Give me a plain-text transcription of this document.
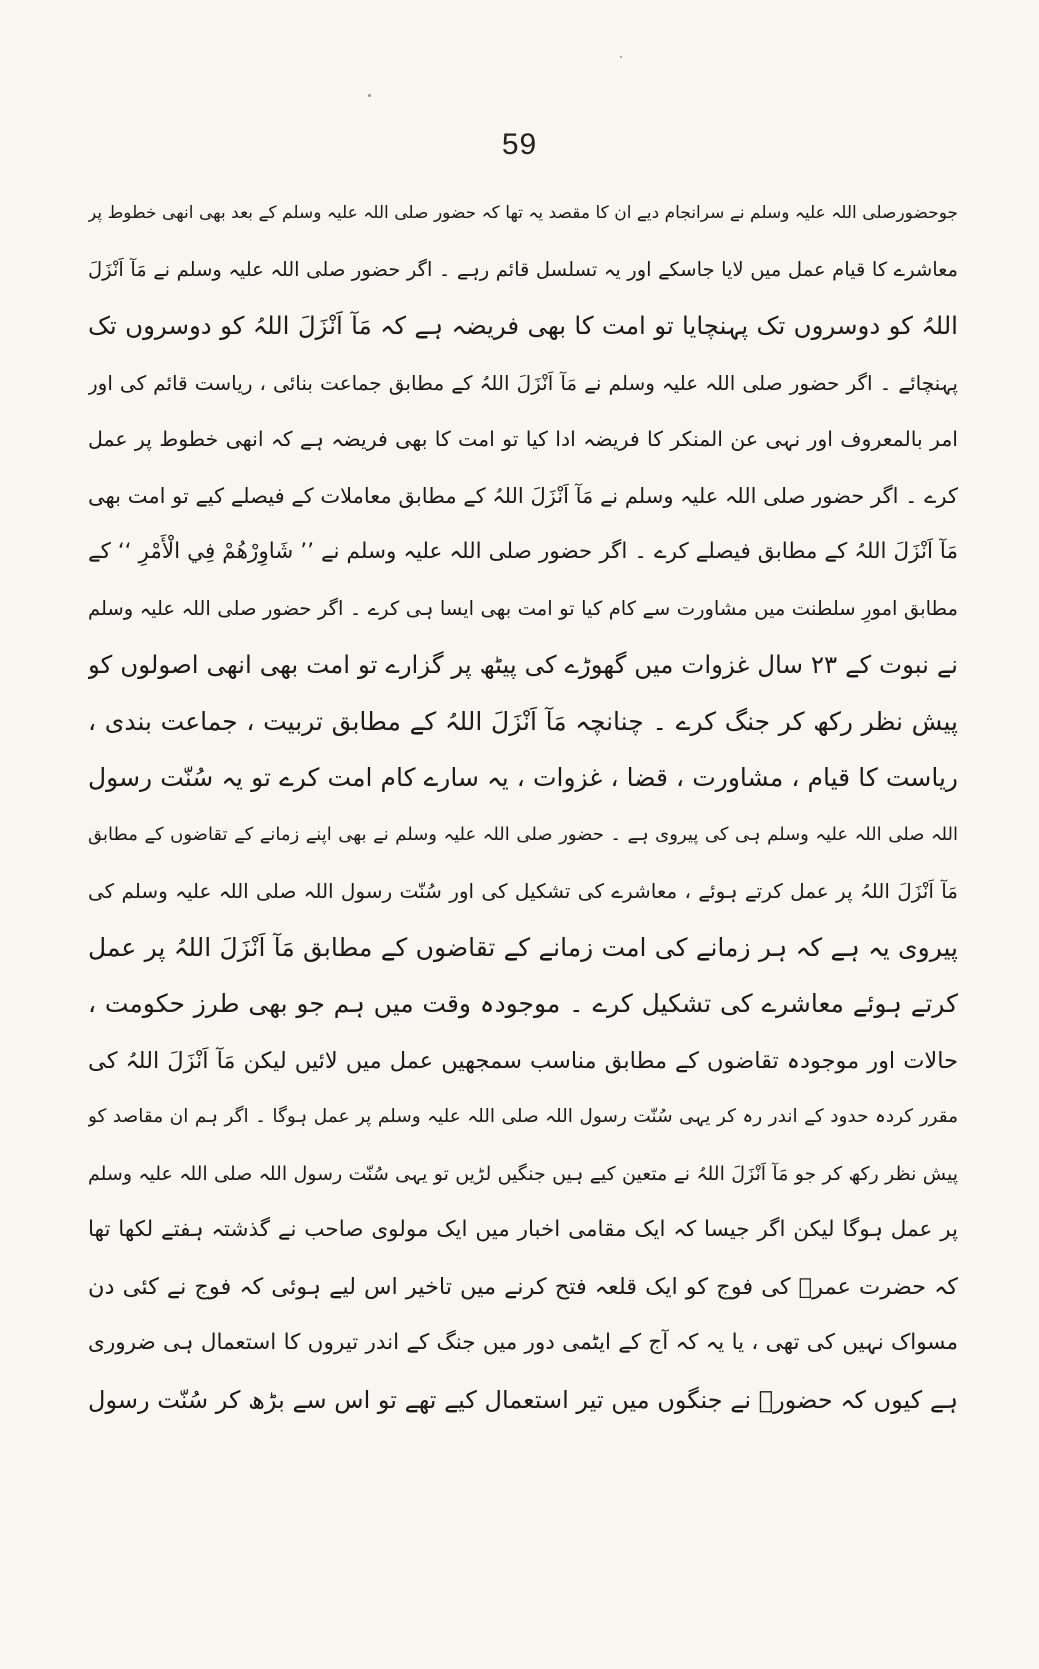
59
جوحضورصلی اللہ علیہ وسلم نے سرانجام دیے ان کا مقصد یہ تھا کہ حضور صلی اللہ علیہ وسلم کے بعد بھی انھی خطوط پر
معاشرے کا قیام عمل میں لایا جاسکے اور یہ تسلسل قائم رہے ۔ اگر حضور صلی اللہ علیہ وسلم نے مَآ اَنْزَلَ
اللہُ کو دوسروں تک پہنچایا تو امت کا بھی فریضہ ہے کہ مَآ اَنْزَلَ اللہُ کو دوسروں تک
پہنچائے ۔ اگر حضور صلی اللہ علیہ وسلم نے مَآ اَنْزَلَ اللہُ کے مطابق جماعت بنائی ، ریاست قائم کی اور
امر بالمعروف اور نہی عن المنکر کا فریضہ ادا کیا تو امت کا بھی فریضہ ہے کہ انھی خطوط پر عمل
کرے ۔ اگر حضور صلی اللہ علیہ وسلم نے مَآ اَنْزَلَ اللہُ کے مطابق معاملات کے فیصلے کیے تو امت بھی
مَآ اَنْزَلَ اللہُ کے مطابق فیصلے کرے ۔ اگر حضور صلی اللہ علیہ وسلم نے ’’ شَاوِرْهُمْ فِي الْأَمْرِ ‘‘ کے
مطابق امورِ سلطنت میں مشاورت سے کام کیا تو امت بھی ایسا ہی کرے ۔ اگر حضور صلی اللہ علیہ وسلم
نے نبوت کے ۲۳ سال غزوات میں گھوڑے کی پیٹھ پر گزارے تو امت بھی انھی اصولوں کو
پیش نظر رکھ کر جنگ کرے ۔ چنانچہ مَآ اَنْزَلَ اللہُ کے مطابق تربیت ، جماعت بندی ،
ریاست کا قیام ، مشاورت ، قضا ، غزوات ، یہ سارے کام امت کرے تو یہ سُنّت رسول
اللہ صلی اللہ علیہ وسلم ہی کی پیروی ہے ۔ حضور صلی اللہ علیہ وسلم نے بھی اپنے زمانے کے تقاضوں کے مطابق
مَآ اَنْزَلَ اللہُ پر عمل کرتے ہوئے ، معاشرے کی تشکیل کی اور سُنّت رسول اللہ صلی اللہ علیہ وسلم کی
پیروی یہ ہے کہ ہر زمانے کی امت زمانے کے تقاضوں کے مطابق مَآ اَنْزَلَ اللہُ پر عمل
کرتے ہوئے معاشرے کی تشکیل کرے ۔ موجودہ وقت میں ہم جو بھی طرز حکومت ،
حالات اور موجودہ تقاضوں کے مطابق مناسب سمجھیں عمل میں لائیں لیکن مَآ اَنْزَلَ اللہُ کی
مقرر کردہ حدود کے اندر رہ کر یہی سُنّت رسول اللہ صلی اللہ علیہ وسلم پر عمل ہوگا ۔ اگر ہم ان مقاصد کو
پیش نظر رکھ کر جو مَآ اَنْزَلَ اللہُ نے متعین کیے ہیں جنگیں لڑیں تو یہی سُنّت رسول اللہ صلی اللہ علیہ وسلم
پر عمل ہوگا لیکن اگر جیسا کہ ایک مقامی اخبار میں ایک مولوی صاحب نے گذشتہ ہفتے لکھا تھا
کہ حضرت عمرؓ کی فوج کو ایک قلعہ فتح کرنے میں تاخیر اس لیے ہوئی کہ فوج نے کئی دن
مسواک نہیں کی تھی ، یا یہ کہ آج کے ایٹمی دور میں جنگ کے اندر تیروں کا استعمال ہی ضروری
ہے کیوں کہ حضورؐ نے جنگوں میں تیر استعمال کیے تھے تو اس سے بڑھ کر سُنّت رسول
